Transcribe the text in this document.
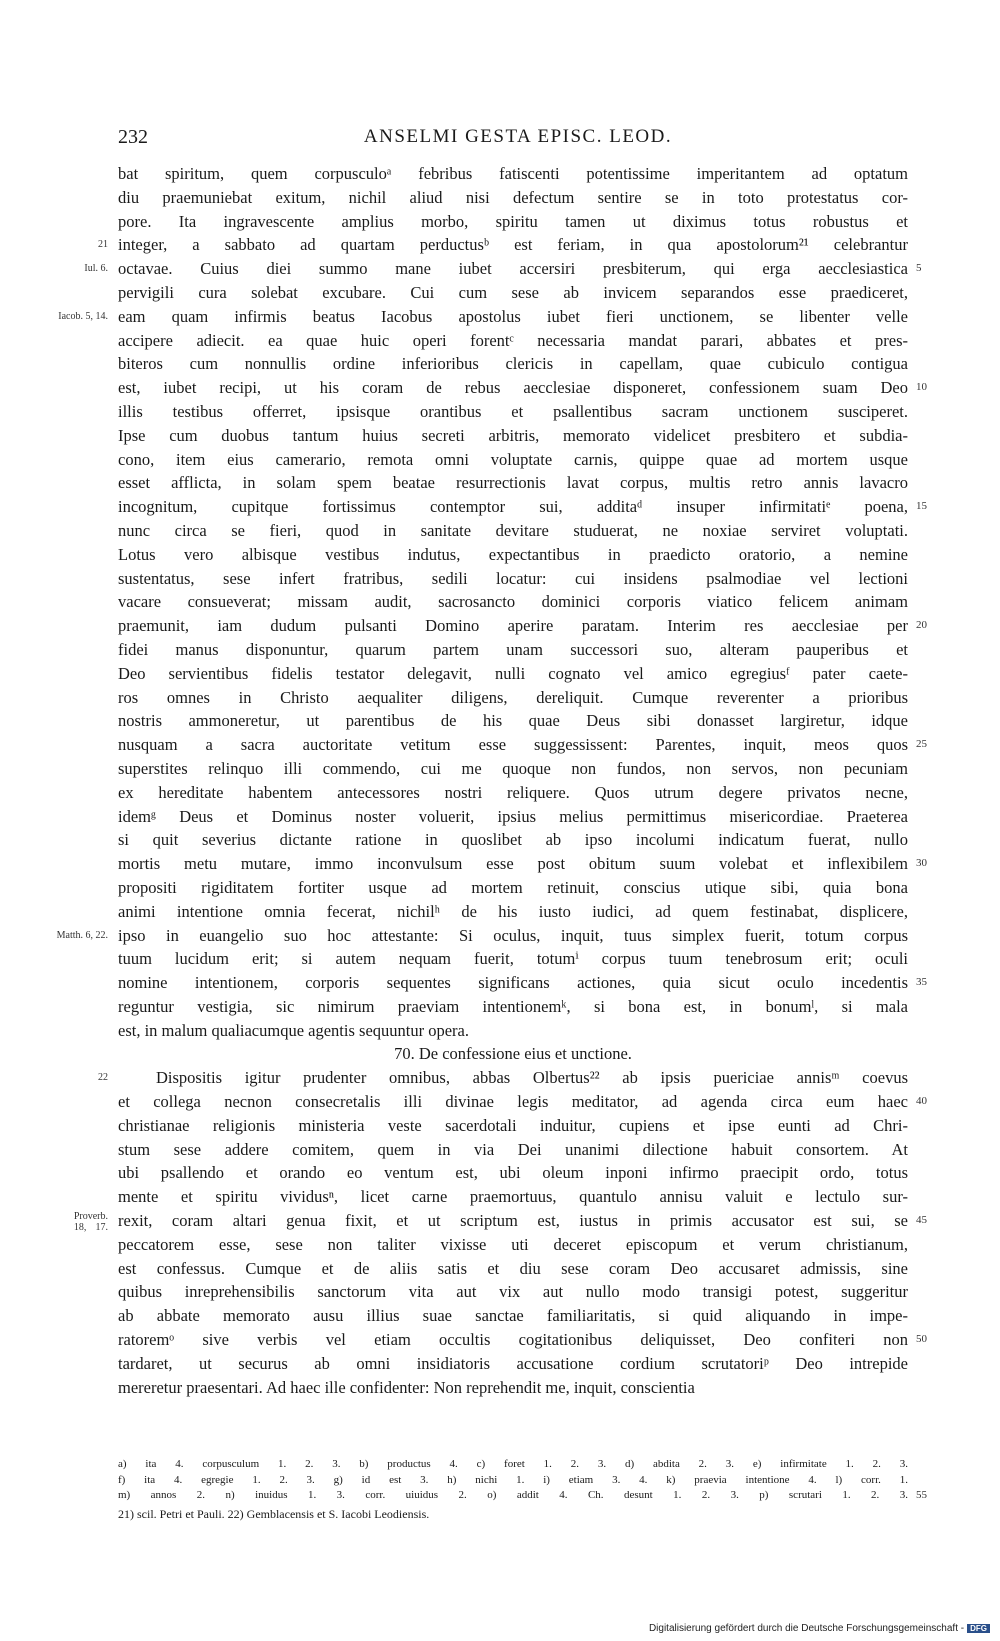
232	ANSELMI GESTA EPISC. LEOD.
bat spiritum, quem corpusculoᵃ febribus fatiscenti potentissime imperitantem ad optatum
diu praemuniebat exitum, nichil aliud nisi defectum sentire se in toto protestatus cor-
pore. Ita ingravescente amplius morbo, spiritu tamen ut diximus totus robustus et
integer, a sabbato ad quartam perductusᵇ est feriam, in qua apostolorum²¹ celebrantur
21
octavae. Cuius diei summo mane iubet accersiri presbiterum, qui erga aecclesiastica 5
Iul. 6.
pervigili cura solebat excubare. Cui cum sese ab invicem separandos esse praediceret,
eam quam infirmis beatus Iacobus apostolus iubet fieri unctionem, se libenter velle
Iacob. 5, 14.
accipere adiecit. ea quae huic operi forentᶜ necessaria mandat parari, abbates et pres-
biteros cum nonnullis ordine inferioribus clericis in capellam, quae cubiculo contigua
est, iubet recipi, ut his coram de rebus aecclesiae disponeret, confessionem suam Deo 10
illis testibus offerret, ipsisque orantibus et psallentibus sacram unctionem susciperet.
Ipse cum duobus tantum huius secreti arbitris, memorato videlicet presbitero et subdia-
cono, item eius camerario, remota omni voluptate carnis, quippe quae ad mortem usque
esset afflicta, in solam spem beatae resurrectionis lavat corpus, multis retro annis lavacro
incognitum, cupitque fortissimus contemptor sui, additaᵈ insuper infirmitatiᵉ poena, 15
nunc circa se fieri, quod in sanitate devitare studuerat, ne noxiae serviret voluptati.
Lotus vero albisque vestibus indutus, expectantibus in praedicto oratorio, a nemine
sustentatus, sese infert fratribus, sedili locatur: cui insidens psalmodiae vel lectioni
vacare consueverat; missam audit, sacrosancto dominici corporis viatico felicem animam
praemunit, iam dudum pulsanti Domino aperire paratam. Interim res aecclesiae per 20
fidei manus disponuntur, quarum partem unam successori suo, alteram pauperibus et
Deo servientibus fidelis testator delegavit, nulli cognato vel amico egregiusᶠ pater caete-
ros omnes in Christo aequaliter diligens, dereliquit. Cumque reverenter a prioribus
nostris ammoneretur, ut parentibus de his quae Deus sibi donasset largiretur, idque
nusquam a sacra auctoritate vetitum esse suggessissent: Parentes, inquit, meos quos 25
superstites relinquo illi commendo, cui me quoque non fundos, non servos, non pecuniam
ex hereditate habentem antecessores nostri reliquere. Quos utrum degere privatos necne,
idemᵍ Deus et Dominus noster voluerit, ipsius melius permittimus misericordiae. Praeterea
si quit severius dictante ratione in quoslibet ab ipso incolumi indicatum fuerat, nullo
mortis metu mutare, immo inconvulsum esse post obitum suum volebat et inflexibilem 30
propositi rigiditatem fortiter usque ad mortem retinuit, conscius utique sibi, quia bona
animi intentione omnia fecerat, nichilʰ de his iusto iudici, ad quem festinabat, displicere,
ipso in euangelio suo hoc attestante: Si oculus, inquit, tuus simplex fuerit, totum corpus
Matth. 6, 22.
tuum lucidum erit; si autem nequam fuerit, totumⁱ corpus tuum tenebrosum erit; oculi
nomine intentionem, corporis sequentes significans actiones, quia sicut oculo incedentis 35
reguntur vestigia, sic nimirum praeviam intentionemᵏ, si bona est, in bonumˡ, si mala
est, in malum qualiacumque agentis sequuntur opera.
70. De confessione eius et unctione.
Dispositis igitur prudenter omnibus, abbas Olbertus²² ab ipsis puericiae annisᵐ coevus
22
et collega necnon consecretalis illi divinae legis meditator, ad agenda circa eum haec 40
christianae religionis ministeria veste sacerdotali induitur, cupiens et ipse eunti ad Chri-
stum sese addere comitem, quem in via Dei unanimi dilectione habuit consortem. At
ubi psallendo et orando eo ventum est, ubi oleum inponi infirmo praecipit ordo, totus
mente et spiritu vividusⁿ, licet carne praemortuus, quantulo annisu valuit e lectulo sur-
rexit, coram altari genua fixit, et ut scriptum est, iustus in primis accusator est sui, se 45
Proverb.
18, 17.
peccatorem esse, sese non taliter vixisse uti deceret episcopum et verum christianum,
est confessus. Cumque et de aliis satis et diu sese coram Deo accusaret admissis, sine
quibus inreprehensibilis sanctorum vita aut vix aut nullo modo transigi potest, suggeritur
ab abbate memorato ausu illius suae sanctae familiaritatis, si quid aliquando in impe-
ratoremᵒ sive verbis vel etiam occultis cogitationibus deliquisset, Deo confiteri non 50
tardaret, ut securus ab omni insidiatoris accusatione cordium scrutatoriᵖ Deo intrepide
mereretur praesentari. Ad haec ille confidenter: Non reprehendit me, inquit, conscientia
a) ita 4. corpusculum 1. 2. 3. b) productus 4. c) foret 1. 2. 3. d) abdita 2. 3. e) infirmitate 1. 2. 3.
f) ita 4. egregie 1. 2. 3. g) id est 3. h) nichi 1. i) etiam 3. 4. k) praevia intentione 4. l) corr. 1.
m) annos 2. n) inuidus 1. 3. corr. uiuidus 2. o) addit 4. Ch. desunt 1. 2. 3. p) scrutari 1. 2. 3. 55
21) scil. Petri et Pauli. 22) Gemblacensis et S. Iacobi Leodiensis.
Digitalisierung gefördert durch die Deutsche Forschungsgemeinschaft - DFG
